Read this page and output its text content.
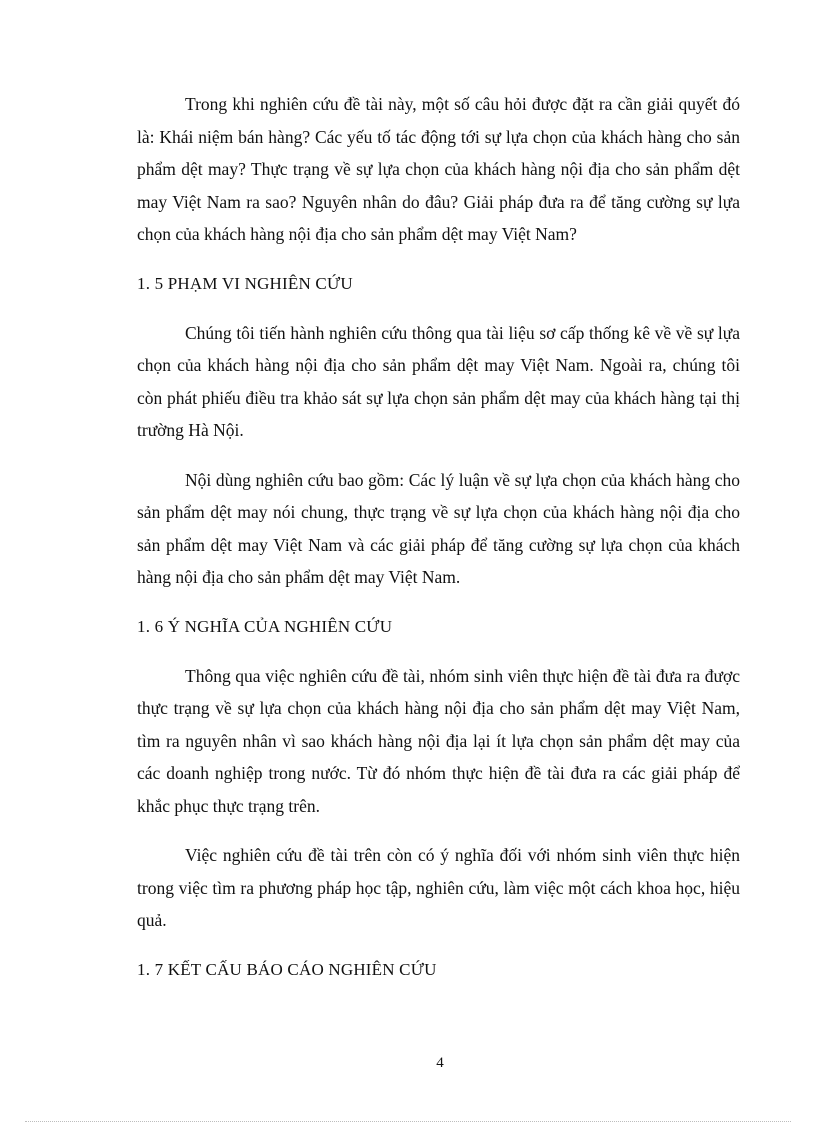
Trong khi nghiên cứu đề tài này, một số câu hỏi được đặt ra cần giải quyết đó là: Khái niệm bán hàng? Các yếu tố tác động tới sự lựa chọn của khách hàng cho sản phẩm dệt may? Thực trạng về sự lựa chọn của khách hàng nội địa cho sản phẩm dệt may Việt Nam ra sao? Nguyên nhân do đâu? Giải pháp đưa ra để tăng cường sự lựa chọn của khách hàng nội địa cho sản phẩm dệt may Việt Nam?

1. 5 PHẠM VI NGHIÊN CỨU

Chúng tôi tiến hành nghiên cứu thông qua tài liệu sơ cấp thống kê về về sự lựa chọn của khách hàng nội địa cho sản phẩm dệt may Việt Nam. Ngoài ra, chúng tôi còn phát phiếu điều tra khảo sát sự lựa chọn sản phẩm dệt may của khách hàng tại thị trường Hà Nội.

Nội dùng nghiên cứu bao gồm: Các lý luận về sự lựa chọn của khách hàng cho sản phẩm dệt may nói chung, thực trạng về sự lựa chọn của khách hàng nội địa cho sản phẩm dệt may Việt Nam và các giải pháp để tăng cường sự lựa chọn của khách hàng nội địa cho sản phẩm dệt may Việt Nam.

1. 6 Ý NGHĨA CỦA NGHIÊN CỨU

Thông qua việc nghiên cứu đề tài, nhóm sinh viên thực hiện đề tài đưa ra được thực trạng về sự lựa chọn của khách hàng nội địa cho sản phẩm dệt may Việt Nam, tìm ra nguyên nhân vì sao khách hàng nội địa lại ít lựa chọn sản phẩm dệt may của các doanh nghiệp trong nước. Từ đó nhóm thực hiện đề tài đưa ra các giải pháp để khắc phục thực trạng trên.

Việc nghiên cứu đề tài trên còn có ý nghĩa đối với nhóm sinh viên thực hiện trong việc tìm ra phương pháp học tập, nghiên cứu, làm việc một cách khoa học, hiệu quả.

1. 7 KẾT CẤU BÁO CÁO NGHIÊN CỨU

4
